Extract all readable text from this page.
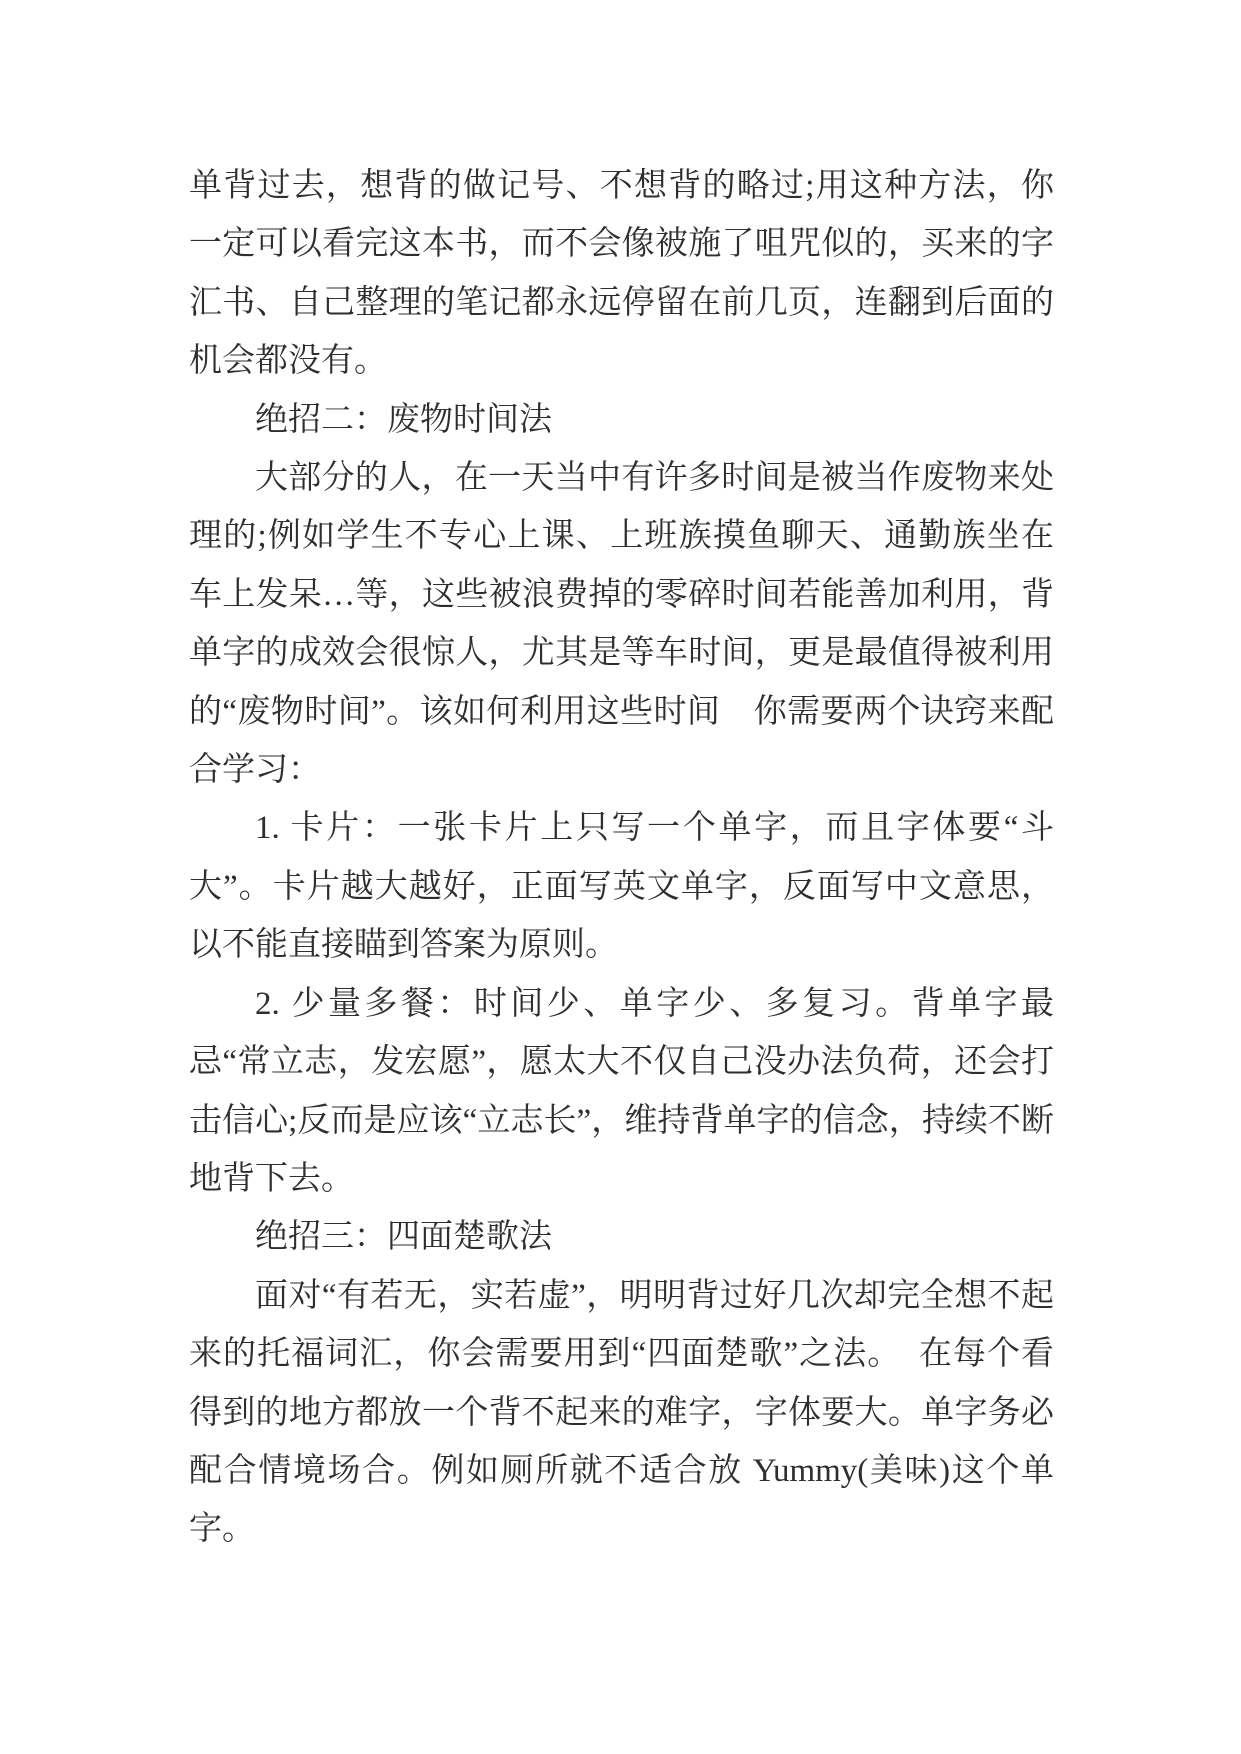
单背过去，想背的做记号、不想背的略过;用这种方法，你一定可以看完这本书，而不会像被施了咀咒似的，买来的字汇书、自己整理的笔记都永远停留在前几页，连翻到后面的机会都没有。

绝招二：废物时间法

大部分的人，在一天当中有许多时间是被当作废物来处理的;例如学生不专心上课、上班族摸鱼聊天、通勤族坐在车上发呆…等，这些被浪费掉的零碎时间若能善加利用，背单字的成效会很惊人，尤其是等车时间，更是最值得被利用的“废物时间”。该如何利用这些时间　你需要两个诀窍来配合学习：

1. 卡片：一张卡片上只写一个单字，而且字体要“斗大”。卡片越大越好，正面写英文单字，反面写中文意思，以不能直接瞄到答案为原则。

2. 少量多餐：时间少、单字少、多复习。背单字最忌“常立志，发宏愿”，愿太大不仅自己没办法负荷，还会打击信心;反而是应该“立志长”，维持背单字的信念，持续不断地背下去。

绝招三：四面楚歌法

面对“有若无，实若虚”，明明背过好几次却完全想不起来的托福词汇，你会需要用到“四面楚歌”之法。　在每个看得到的地方都放一个背不起来的难字，字体要大。单字务必配合情境场合。例如厕所就不适合放 Yummy(美味)这个单字。
